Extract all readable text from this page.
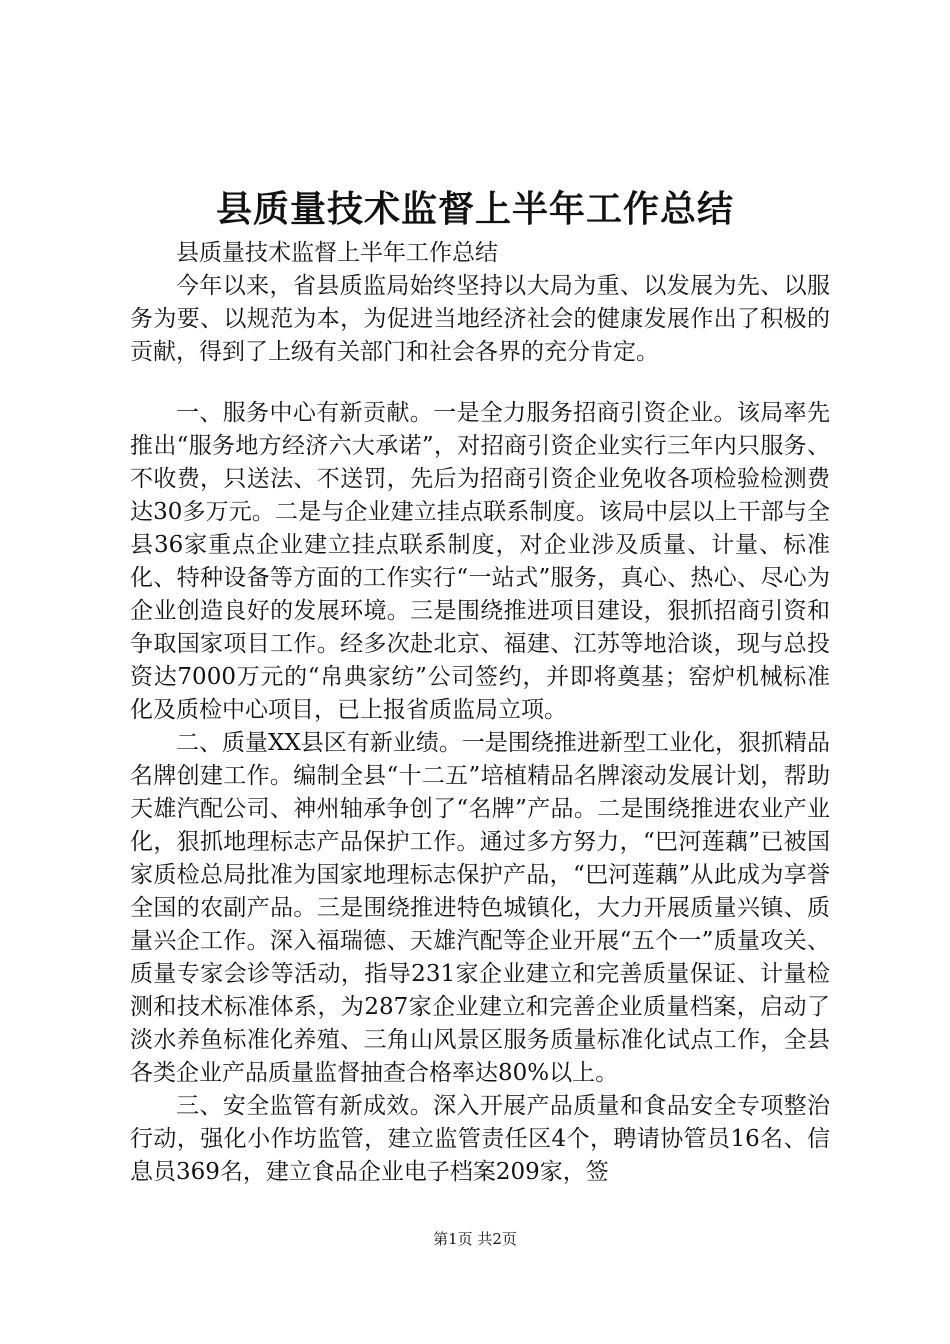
县质量技术监督上半年工作总结

县质量技术监督上半年工作总结

今年以来，省县质监局始终坚持以大局为重、以发展为先、以服务为要、以规范为本，为促进当地经济社会的健康发展作出了积极的贡献，得到了上级有关部门和社会各界的充分肯定。

一、服务中心有新贡献。一是全力服务招商引资企业。该局率先推出“服务地方经济六大承诺”，对招商引资企业实行三年内只服务、不收费，只送法、不送罚，先后为招商引资企业免收各项检验检测费达30多万元。二是与企业建立挂点联系制度。该局中层以上干部与全县36家重点企业建立挂点联系制度，对企业涉及质量、计量、标准化、特种设备等方面的工作实行“一站式”服务，真心、热心、尽心为企业创造良好的发展环境。三是围绕推进项目建设，狠抓招商引资和争取国家项目工作。经多次赴北京、福建、江苏等地洽谈，现与总投资达7000万元的“帛典家纺”公司签约，并即将奠基；窑炉机械标准化及质检中心项目，已上报省质监局立项。

二、质量XX县区有新业绩。一是围绕推进新型工业化，狠抓精品名牌创建工作。编制全县“十二五”培植精品名牌滚动发展计划，帮助天雄汽配公司、神州轴承争创了“名牌”产品。二是围绕推进农业产业化，狠抓地理标志产品保护工作。通过多方努力，“巴河莲藕”已被国家质检总局批准为国家地理标志保护产品，“巴河莲藕”从此成为享誉全国的农副产品。三是围绕推进特色城镇化，大力开展质量兴镇、质量兴企工作。深入福瑞德、天雄汽配等企业开展“五个一”质量攻关、质量专家会诊等活动，指导231家企业建立和完善质量保证、计量检测和技术标准体系，为287家企业建立和完善企业质量档案，启动了淡水养鱼标准化养殖、三角山风景区服务质量标准化试点工作，全县各类企业产品质量监督抽查合格率达80%以上。

三、安全监管有新成效。深入开展产品质量和食品安全专项整治行动，强化小作坊监管，建立监管责任区4个，聘请协管员16名、信息员369名，建立食品企业电子档案209家，签

第1页 共2页
